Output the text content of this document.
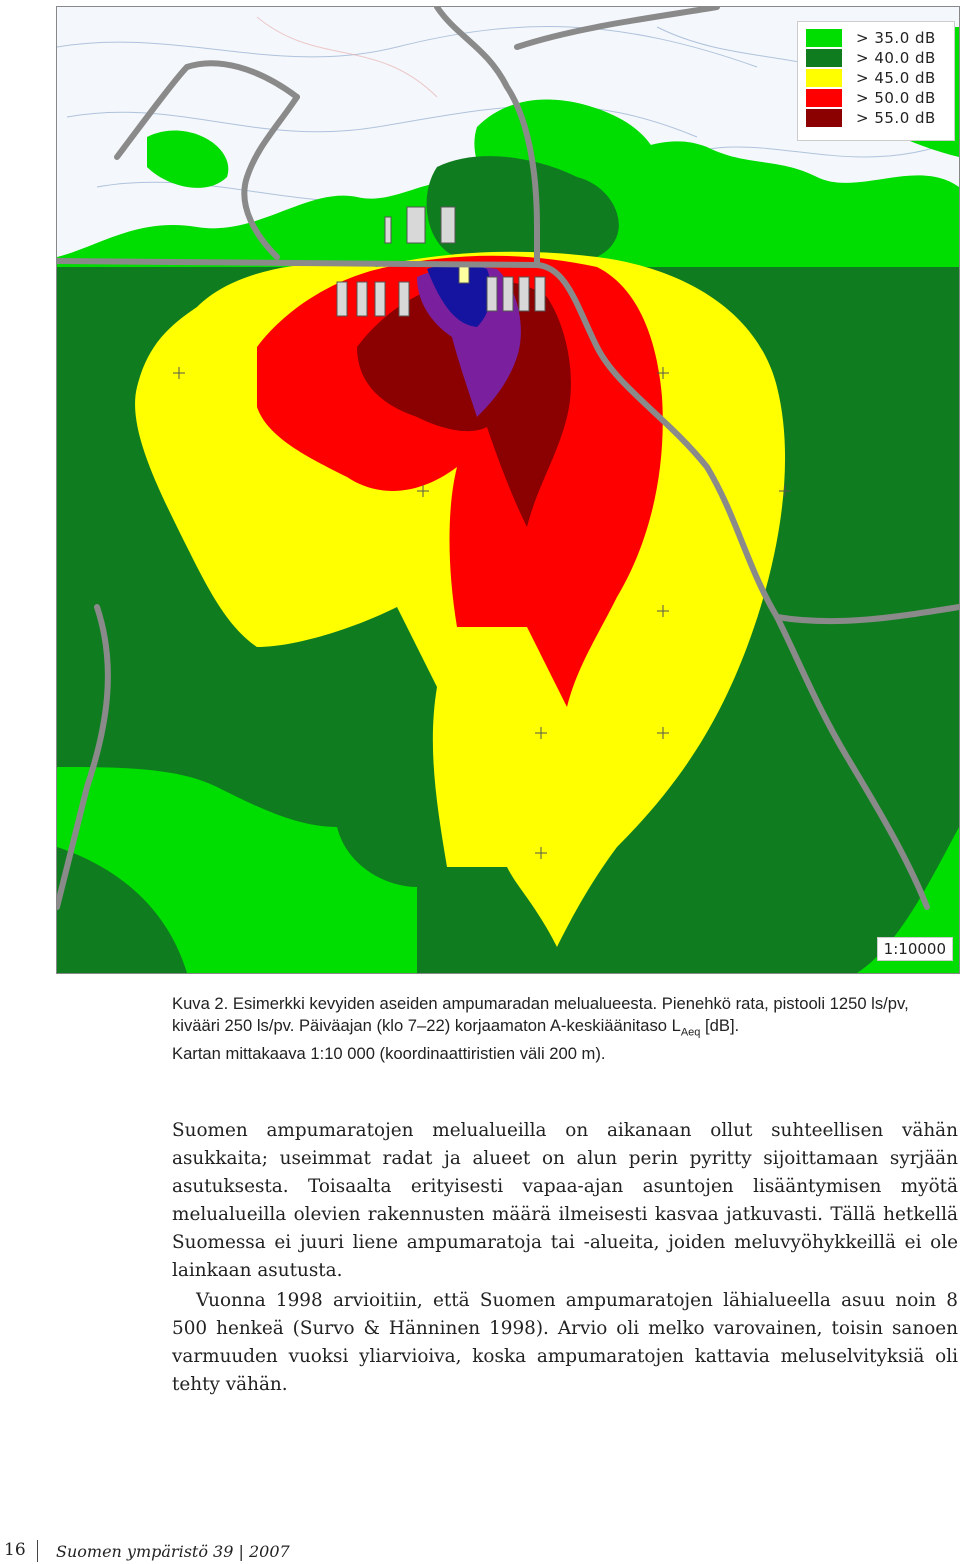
> 35.0 dB
> 40.0 dB
> 45.0 dB
> 50.0 dB
> 55.0 dB
1:10000
Kuva 2. Esimerkki kevyiden aseiden ampumaradan melualueesta. Pienehkö rata, pistooli 1250 ls/pv,
kivääri 250 ls/pv. Päiväajan (klo 7–22) korjaamaton A-keskiäänitaso $L_{Aeq}$ [dB].
Kartan mittakaava 1:10 000 (koordinaattiristien väli 200 m).

Suomen ampumaratojen melualueilla on aikanaan ollut suhteellisen vähän asukkaita; useimmat radat ja alueet on alun perin pyritty sijoittamaan syrjään asutuksesta. Toisaalta erityisesti vapaa-ajan asuntojen lisääntymisen myötä melualueilla olevien rakennusten määrä ilmeisesti kasvaa jatkuvasti. Tällä hetkellä Suomessa ei juuri liene ampumaratoja tai -alueita, joiden meluvyöhykkeillä ei ole lainkaan asutusta.

Vuonna 1998 arvioitiin, että Suomen ampumaratojen lähialueella asuu noin 8 500 henkeä (Survo & Hänninen 1998). Arvio oli melko varovainen, toisin sanoen varmuuden vuoksi yliarvioiva, koska ampumaratojen kattavia meluselvityksiä oli tehty vähän.

16 Suomen ympäristö 39 | 2007
